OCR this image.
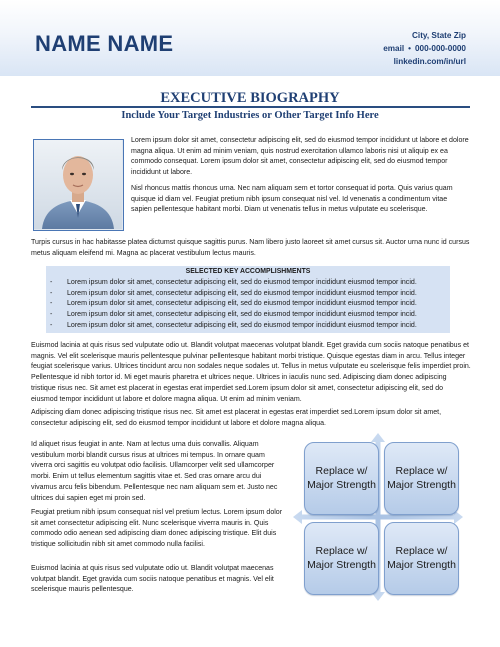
NAME NAME	City, State Zip
email • 000-000-0000
linkedin.com/in/url
EXECUTIVE BIOGRAPHY
Include Your Target Industries or Other Target Info Here
Lorem ipsum dolor sit amet, consectetur adipiscing elit, sed do eiusmod tempor incididunt ut labore et dolore magna aliqua. Ut enim ad minim veniam, quis nostrud exercitation ullamco laboris nisi ut aliquip ex ea commodo consequat. Lorem ipsum dolor sit amet, consectetur adipiscing elit, sed do eiusmod tempor incididunt ut labore.
Nisl rhoncus mattis rhoncus urna. Nec nam aliquam sem et tortor consequat id porta. Quis varius quam quisque id diam vel. Feugiat pretium nibh ipsum consequat nisl vel. Id venenatis a condimentum vitae sapien pellentesque habitant morbi. Diam ut venenatis tellus in metus vulputate eu scelerisque.
Turpis cursus in hac habitasse platea dictumst quisque sagittis purus. Nam libero justo laoreet sit amet cursus sit. Auctor urna nunc id cursus metus aliquam eleifend mi. Magna ac placerat vestibulum lectus mauris.
SELECTED KEY ACCOMPLISHMENTS
- Lorem ipsum dolor sit amet, consectetur adipiscing elit, sed do eiusmod tempor incididunt eiusmod tempor incid.
- Lorem ipsum dolor sit amet, consectetur adipiscing elit, sed do eiusmod tempor incididunt eiusmod tempor incid.
- Lorem ipsum dolor sit amet, consectetur adipiscing elit, sed do eiusmod tempor incididunt eiusmod tempor incid.
- Lorem ipsum dolor sit amet, consectetur adipiscing elit, sed do eiusmod tempor incididunt eiusmod tempor incid.
- Lorem ipsum dolor sit amet, consectetur adipiscing elit, sed do eiusmod tempor incididunt eiusmod tempor incid.
Euismod lacinia at quis risus sed vulputate odio ut. Blandit volutpat maecenas volutpat blandit. Eget gravida cum sociis natoque penatibus et magnis. Vel elit scelerisque mauris pellentesque pulvinar pellentesque habitant morbi tristique. Quisque egestas diam in arcu. Tellus integer feugiat scelerisque varius. Ultrices tincidunt arcu non sodales neque sodales ut. Tellus in metus vulputate eu scelerisque felis imperdiet proin. Pellentesque id nibh tortor id. Mi eget mauris pharetra et ultrices neque. Ultrices in iaculis nunc sed. Adipiscing diam donec adipiscing tristique risus nec. Sit amet est placerat in egestas erat imperdiet sed.Lorem ipsum dolor sit amet, consectetur adipiscing elit, sed do eiusmod tempor incididunt ut labore et dolore magna aliqua. Ut enim ad minim veniam.
Adipiscing diam donec adipiscing tristique risus nec. Sit amet est placerat in egestas erat imperdiet sed.Lorem ipsum dolor sit amet, consectetur adipiscing elit, sed do eiusmod tempor incididunt ut labore et dolore magna aliqua.
Id aliquet risus feugiat in ante. Nam at lectus urna duis convallis. Aliquam vestibulum morbi blandit cursus risus at ultrices mi tempus. In ornare quam viverra orci sagittis eu volutpat odio facilisis. Ullamcorper velit sed ullamcorper morbi. Enim ut tellus elementum sagittis vitae et. Sed cras ornare arcu dui vivamus arcu felis bibendum. Pellentesque nec nam aliquam sem et. Justo nec ultrices dui sapien eget mi proin sed.
Feugiat pretium nibh ipsum consequat nisl vel pretium lectus. Lorem ipsum dolor sit amet consectetur adipiscing elit. Nunc scelerisque viverra mauris in. Quis commodo odio aenean sed adipiscing diam donec adipiscing tristique. Elit duis tristique sollicitudin nibh sit amet commodo nulla facilisi.
Euismod lacinia at quis risus sed vulputate odio ut. Blandit volutpat maecenas volutpat blandit. Eget gravida cum sociis natoque penatibus et magnis. Vel elit scelerisque mauris pellentesque.
Replace w/ Major Strength
Replace w/ Major Strength
Replace w/ Major Strength
Replace w/ Major Strength
